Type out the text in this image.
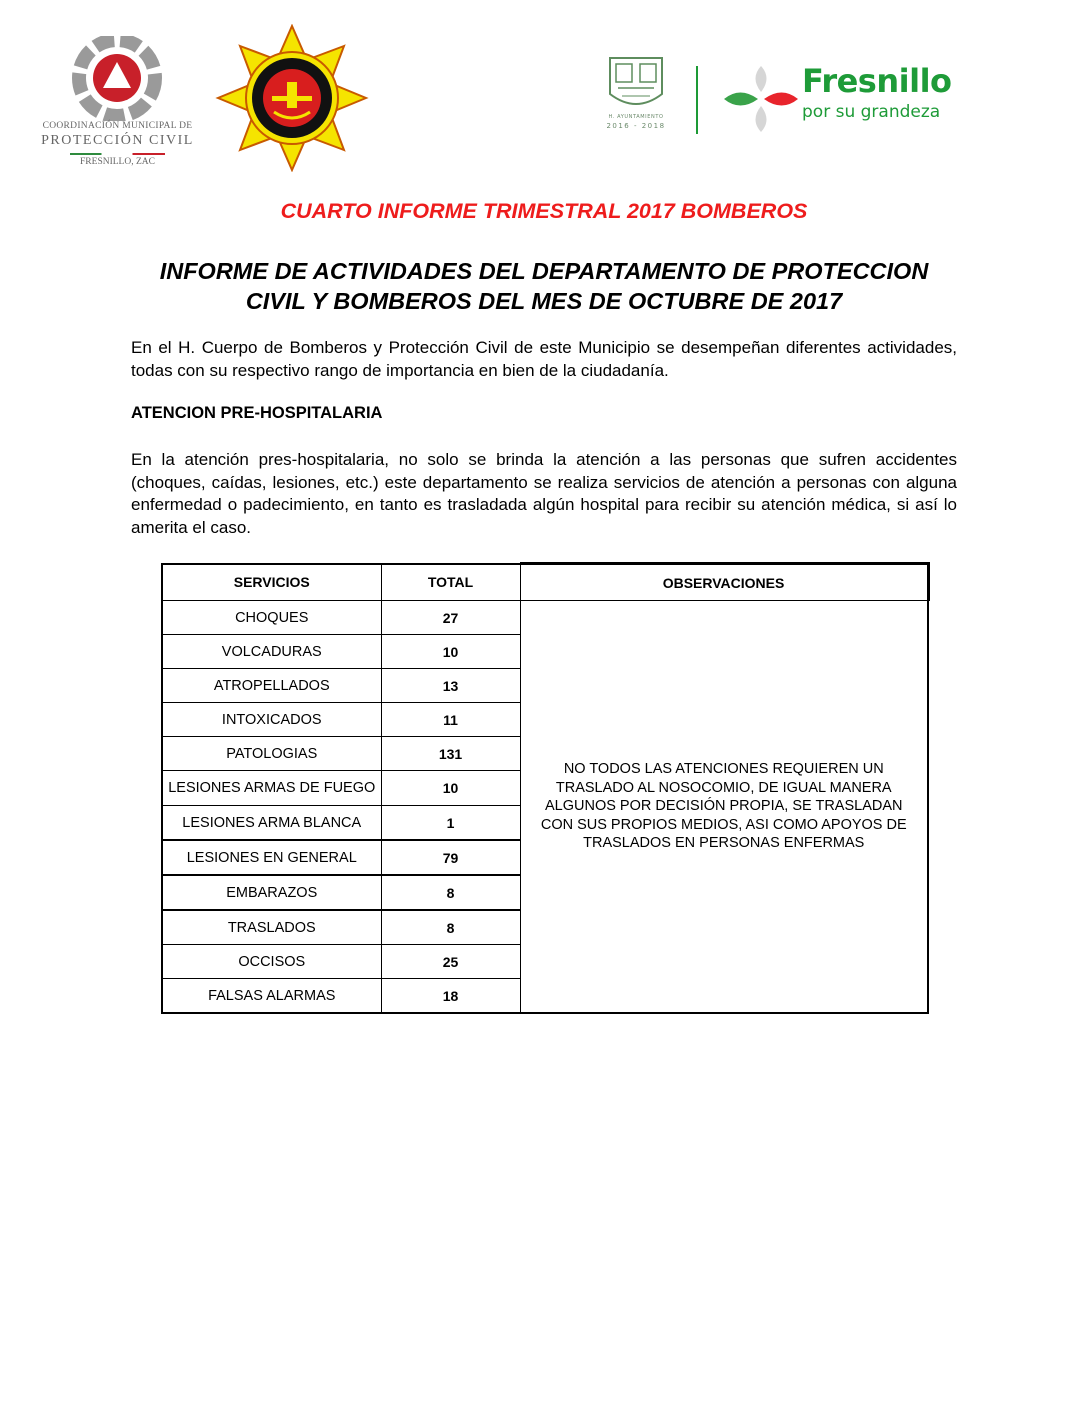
COORDINACIÓN MUNICIPAL DE
PROTECCIÓN CIVIL
FRESNILLO, ZAC
H. AYUNTAMIENTO
2016 - 2018
Fresnillo
por su grandeza
CUARTO INFORME TRIMESTRAL 2017 BOMBEROS
INFORME DE ACTIVIDADES DEL DEPARTAMENTO DE PROTECCION
CIVIL Y BOMBEROS DEL MES DE OCTUBRE DE 2017
En el H. Cuerpo de Bomberos y Protección Civil de este Municipio se desempeñan diferentes actividades, todas con su respectivo rango de importancia en bien de la ciudadanía.
ATENCION PRE-HOSPITALARIA
En la atención pres-hospitalaria, no solo se brinda la atención a las personas que sufren accidentes (choques, caídas, lesiones, etc.) este departamento se realiza servicios de atención a personas con alguna enfermedad o padecimiento, en tanto es trasladada algún hospital para recibir su atención médica, si así lo amerita el caso.
SERVICIOS	TOTAL	OBSERVACIONES
CHOQUES	27	NO TODOS LAS ATENCIONES REQUIEREN UN TRASLADO AL NOSOCOMIO, DE IGUAL MANERA ALGUNOS POR DECISIÓN PROPIA, SE TRASLADAN CON SUS PROPIOS MEDIOS, ASI COMO APOYOS DE TRASLADOS EN PERSONAS ENFERMAS
VOLCADURAS	10	
ATROPELLADOS	13	
INTOXICADOS	11	
PATOLOGIAS	131	
LESIONES ARMAS DE FUEGO	10	
LESIONES ARMA BLANCA	1	
LESIONES EN GENERAL	79	
EMBARAZOS	8	
TRASLADOS	8	
OCCISOS	25	
FALSAS ALARMAS	18	
